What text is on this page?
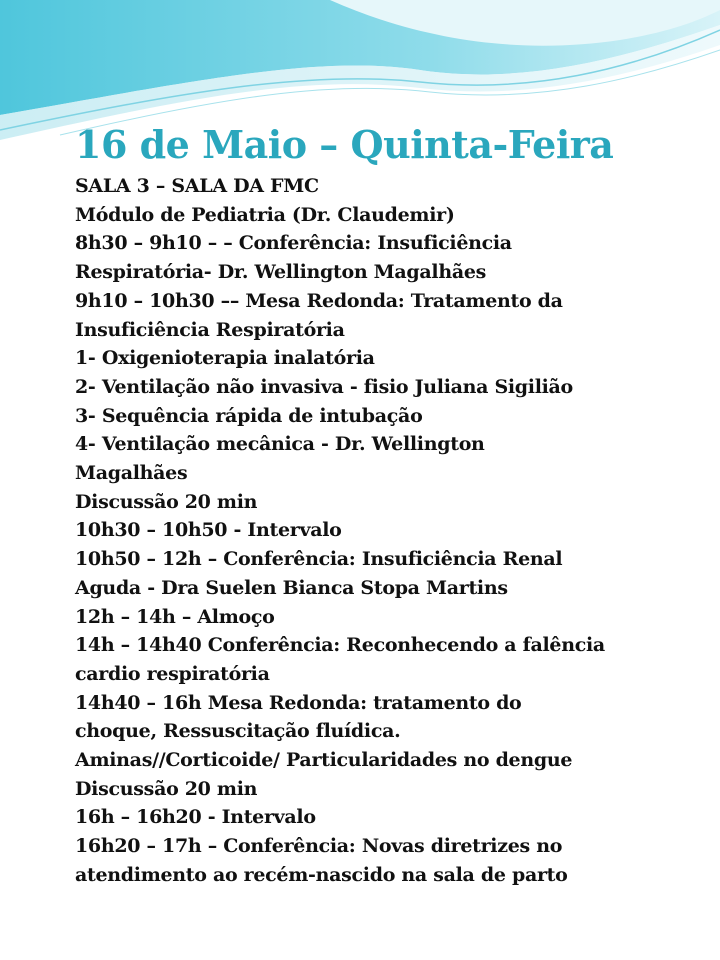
16 de Maio – Quinta-Feira
SALA 3 – SALA DA FMC
Módulo de Pediatria (Dr. Claudemir)
8h30 – 9h10 – – Conferência: Insuficiência
Respiratória- Dr. Wellington Magalhães
9h10 – 10h30 –– Mesa Redonda: Tratamento da
Insuficiência Respiratória
1- Oxigenioterapia inalatória
2- Ventilação não invasiva - fisio Juliana Sigilião
3- Sequência rápida de intubação
4- Ventilação mecânica - Dr. Wellington
Magalhães
Discussão 20 min
10h30 – 10h50 - Intervalo
10h50 – 12h – Conferência: Insuficiência Renal
Aguda - Dra Suelen Bianca Stopa Martins
12h – 14h – Almoço
14h – 14h40 Conferência: Reconhecendo a falência
cardio respiratória
14h40 – 16h Mesa Redonda: tratamento do
choque, Ressuscitação fluídica.
Aminas//Corticoide/ Particularidades no dengue
Discussão 20 min
16h – 16h20 - Intervalo
16h20 – 17h – Conferência: Novas diretrizes no
atendimento ao recém-nascido na sala de parto
